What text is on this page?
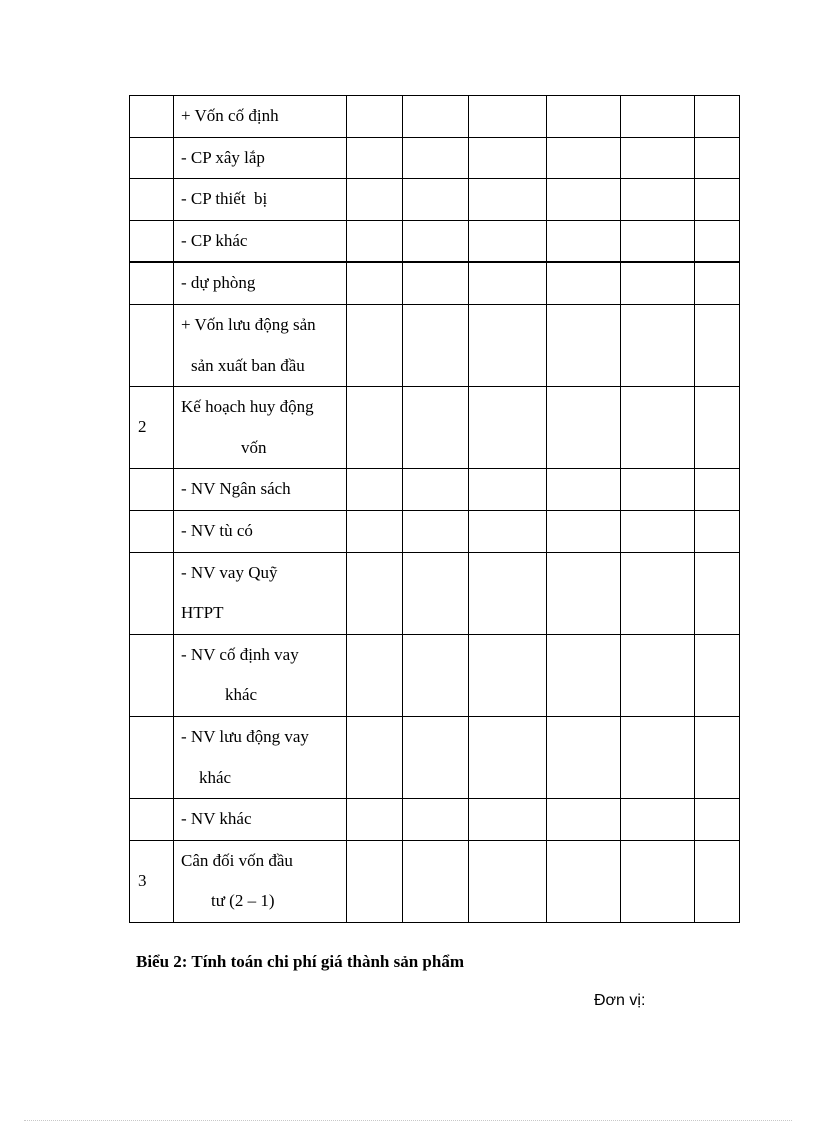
	+ Vốn cố định						

	- CP xây lắp						

	- CP thiết  bị						

	- CP khác						

	- dự phòng						

	+ Vốn lưu động sản
sản xuất ban đầu						

2	Kế hoạch huy động
vốn						

	- NV Ngân sách						

	- NV tù có						

	- NV vay Quỹ
HTPT						

	- NV cố định vay
khác						

	- NV lưu động vay
khác						

	- NV khác						

3	Cân đối vốn đầu
tư (2 – 1)						

Biểu 2: Tính toán chi phí giá thành sản phẩm
Đơn vị:
